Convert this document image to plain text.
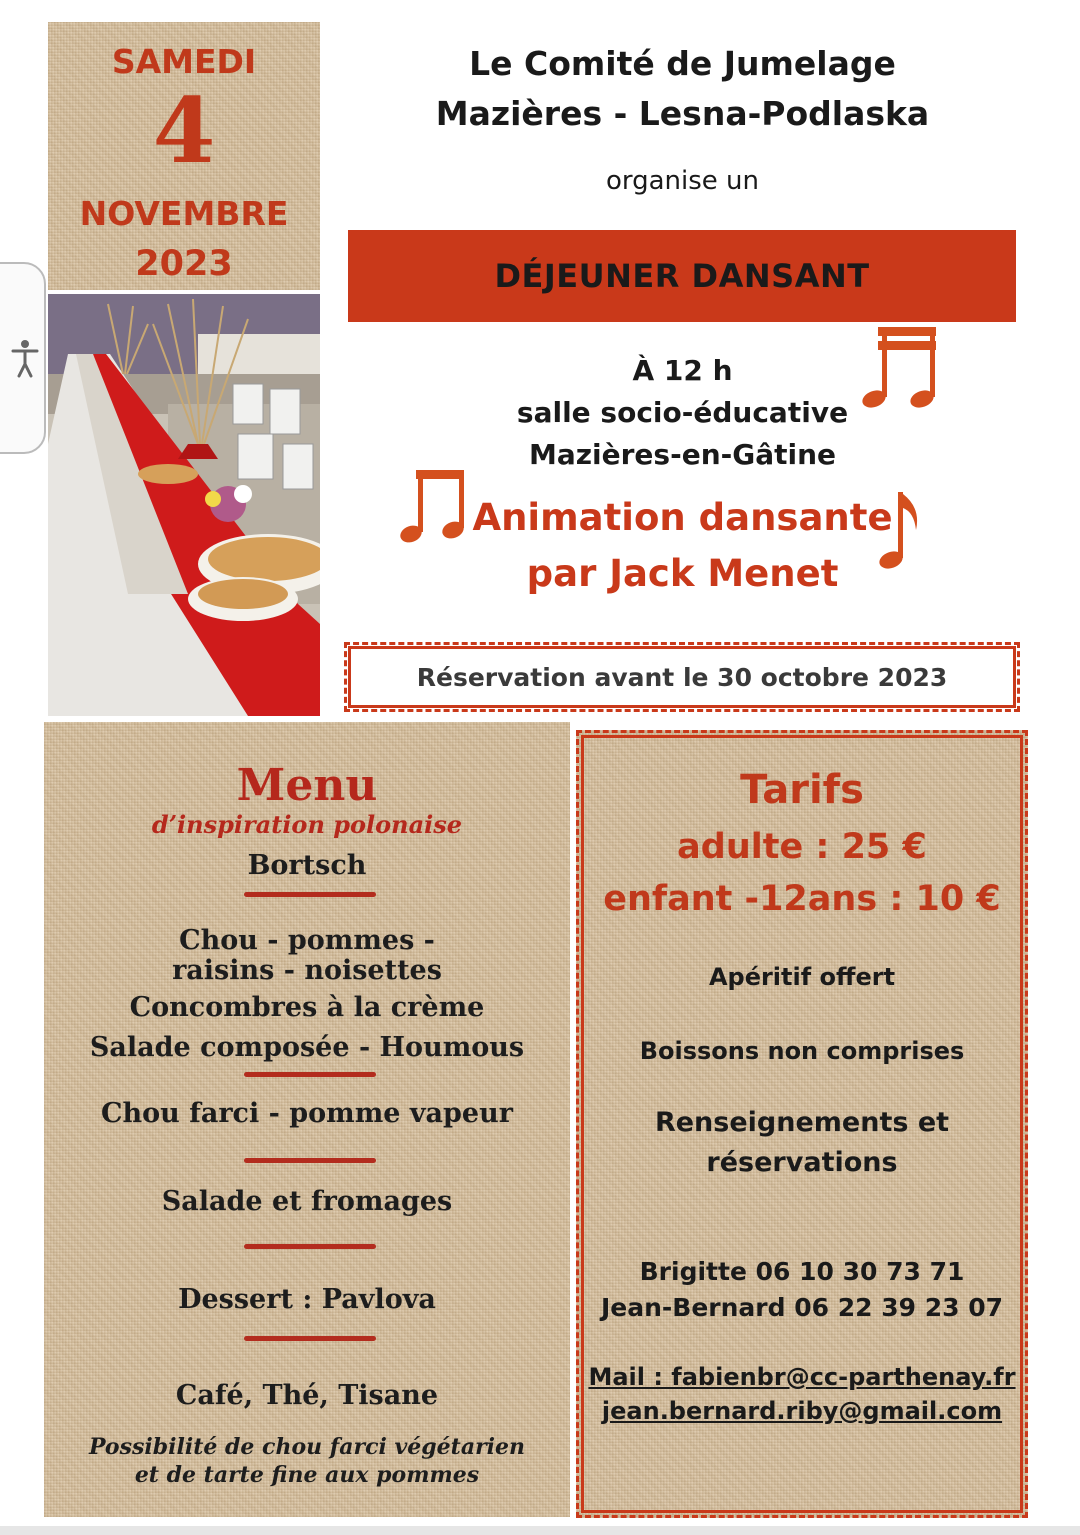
SAMEDI
4
NOVEMBRE
2023
Le Comité de Jumelage
Mazières - Lesna-Podlaska
organise un
DÉJEUNER DANSANT
À 12 h
salle socio-éducative
Mazières-en-Gâtine
Animation dansante
par Jack Menet
Réservation avant le 30 octobre 2023
Menu
d’inspiration polonaise
Bortsch
Chou - pommes -
raisins - noisettes
Concombres à la crème
Salade composée - Houmous
Chou farci - pomme vapeur
Salade et fromages
Dessert : Pavlova
Café, Thé, Tisane
Possibilité de chou farci végétarien
et de tarte fine aux pommes
Tarifs
adulte : 25 €
enfant -12ans : 10 €
Apéritif offert
Boissons non comprises
Renseignements et
réservations
Brigitte 06 10 30 73 71
Jean-Bernard 06 22 39 23 07
Mail : fabienbr@cc-parthenay.fr
jean.bernard.riby@gmail.com
